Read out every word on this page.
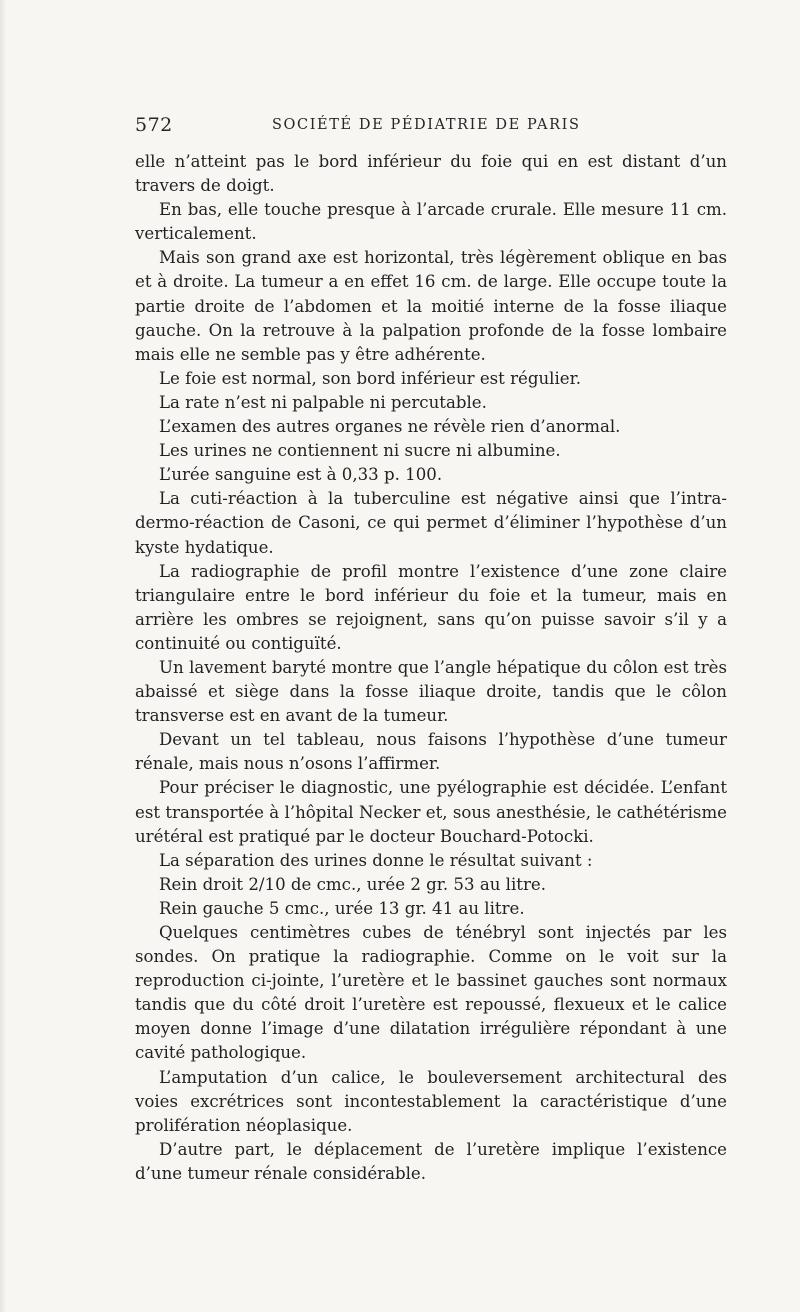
572	SOCIÉTÉ DE PÉDIATRIE DE PARIS

elle n’atteint pas le bord inférieur du foie qui en est distant d’un travers de doigt.

En bas, elle touche presque à l’arcade crurale. Elle mesure 11 cm. verticalement.

Mais son grand axe est horizontal, très légèrement oblique en bas et à droite. La tumeur a en effet 16 cm. de large. Elle occupe toute la partie droite de l’abdomen et la moitié interne de la fosse iliaque gauche. On la retrouve à la palpation profonde de la fosse lombaire mais elle ne semble pas y être adhérente.

Le foie est normal, son bord inférieur est régulier.

La rate n’est ni palpable ni percutable.

L’examen des autres organes ne révèle rien d’anormal.

Les urines ne contiennent ni sucre ni albumine.

L’urée sanguine est à 0,33 p. 100.

La cuti-réaction à la tuberculine est négative ainsi que l’intradermo-réaction de Casoni, ce qui permet d’éliminer l’hypothèse d’un kyste hydatique.

La radiographie de profil montre l’existence d’une zone claire triangulaire entre le bord inférieur du foie et la tumeur, mais en arrière les ombres se rejoignent, sans qu’on puisse savoir s’il y a continuité ou contiguïté.

Un lavement baryté montre que l’angle hépatique du côlon est très abaissé et siège dans la fosse iliaque droite, tandis que le côlon transverse est en avant de la tumeur.

Devant un tel tableau, nous faisons l’hypothèse d’une tumeur rénale, mais nous n’osons l’affirmer.

Pour préciser le diagnostic, une pyélographie est décidée. L’enfant est transportée à l’hôpital Necker et, sous anesthésie, le cathétérisme urétéral est pratiqué par le docteur Bouchard-Potocki.

La séparation des urines donne le résultat suivant :

Rein droit 2/10 de cmc., urée 2 gr. 53 au litre.

Rein gauche 5 cmc., urée 13 gr. 41 au litre.

Quelques centimètres cubes de ténébryl sont injectés par les sondes. On pratique la radiographie. Comme on le voit sur la reproduction ci-jointe, l’uretère et le bassinet gauches sont normaux tandis que du côté droit l’uretère est repoussé, flexueux et le calice moyen donne l’image d’une dilatation irrégulière répondant à une cavité pathologique.

L’amputation d’un calice, le bouleversement architectural des voies excrétrices sont incontestablement la caractéristique d’une prolifération néoplasique.

D’autre part, le déplacement de l’uretère implique l’existence d’une tumeur rénale considérable.
